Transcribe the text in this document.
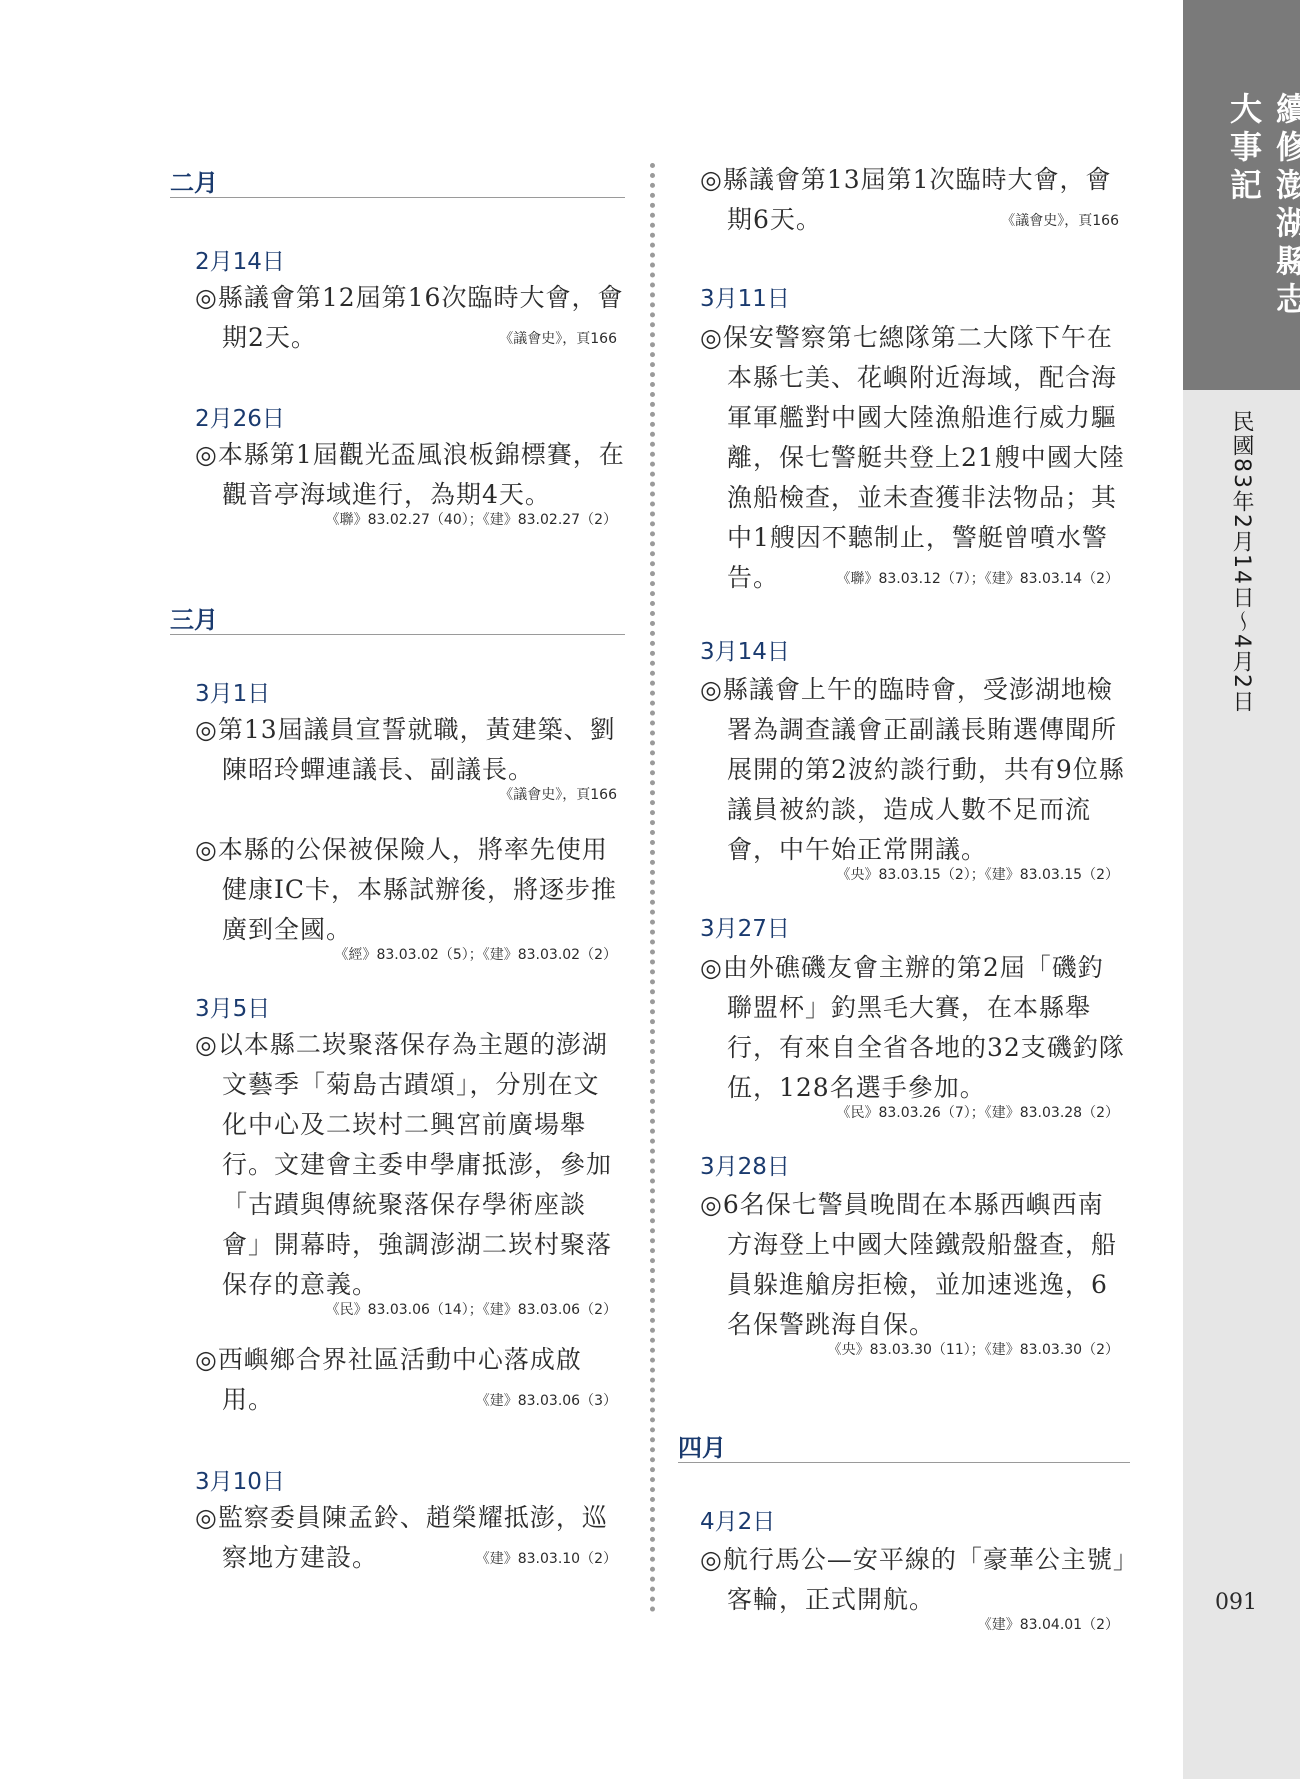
二月
2月14日

◎縣議會第12屆第16次臨時大會，會期2天。	《議會史》，頁166
2月26日

◎本縣第1屆觀光盃風浪板錦標賽，在觀音亭海域進行，為期4天。

《聯》83.02.27（40）；《建》83.02.27（2）
三月
3月1日

◎第13屆議員宣誓就職，黃建築、劉陳昭玲蟬連議長、副議長。

《議會史》，頁166

◎本縣的公保被保險人，將率先使用健康IC卡，本縣試辦後，將逐步推廣到全國。

《經》83.03.02（5）；《建》83.03.02（2）
3月5日

◎以本縣二崁聚落保存為主題的澎湖文藝季「菊島古蹟頌」，分別在文化中心及二崁村二興宮前廣場舉行。文建會主委申學庸抵澎，參加「古蹟與傳統聚落保存學術座談會」開幕時，強調澎湖二崁村聚落保存的意義。

《民》83.03.06（14）；《建》83.03.06（2）

◎西嶼鄉合界社區活動中心落成啟用。	《建》83.03.06（3）
3月10日

◎監察委員陳孟鈴、趙榮耀抵澎，巡察地方建設。	《建》83.03.10（2）

◎縣議會第13屆第1次臨時大會，會期6天。	《議會史》，頁166
3月11日

◎保安警察第七總隊第二大隊下午在本縣七美、花嶼附近海域，配合海軍軍艦對中國大陸漁船進行威力驅離，保七警艇共登上21艘中國大陸漁船檢查，並未查獲非法物品；其中1艘因不聽制止，警艇曾噴水警告。	《聯》83.03.12（7）；《建》83.03.14（2）
3月14日

◎縣議會上午的臨時會，受澎湖地檢署為調查議會正副議長賄選傳聞所展開的第2波約談行動，共有9位縣議員被約談，造成人數不足而流會，中午始正常開議。

《央》83.03.15（2）；《建》83.03.15（2）
3月27日

◎由外礁磯友會主辦的第2屆「磯釣聯盟杯」釣黑毛大賽，在本縣舉行，有來自全省各地的32支磯釣隊伍，128名選手參加。

《民》83.03.26（7）；《建》83.03.28（2）
3月28日

◎6名保七警員晚間在本縣西嶼西南方海登上中國大陸鐵殼船盤查，船員躲進艙房拒檢，並加速逃逸，6名保警跳海自保。

《央》83.03.30（11）；《建》83.03.30（2）
四月
4月2日

◎航行馬公—安平線的「豪華公主號」客輪，正式開航。

《建》83.04.01（2）
續修澎湖縣志　大事記
民國83年2月14日〜4月2日
091
